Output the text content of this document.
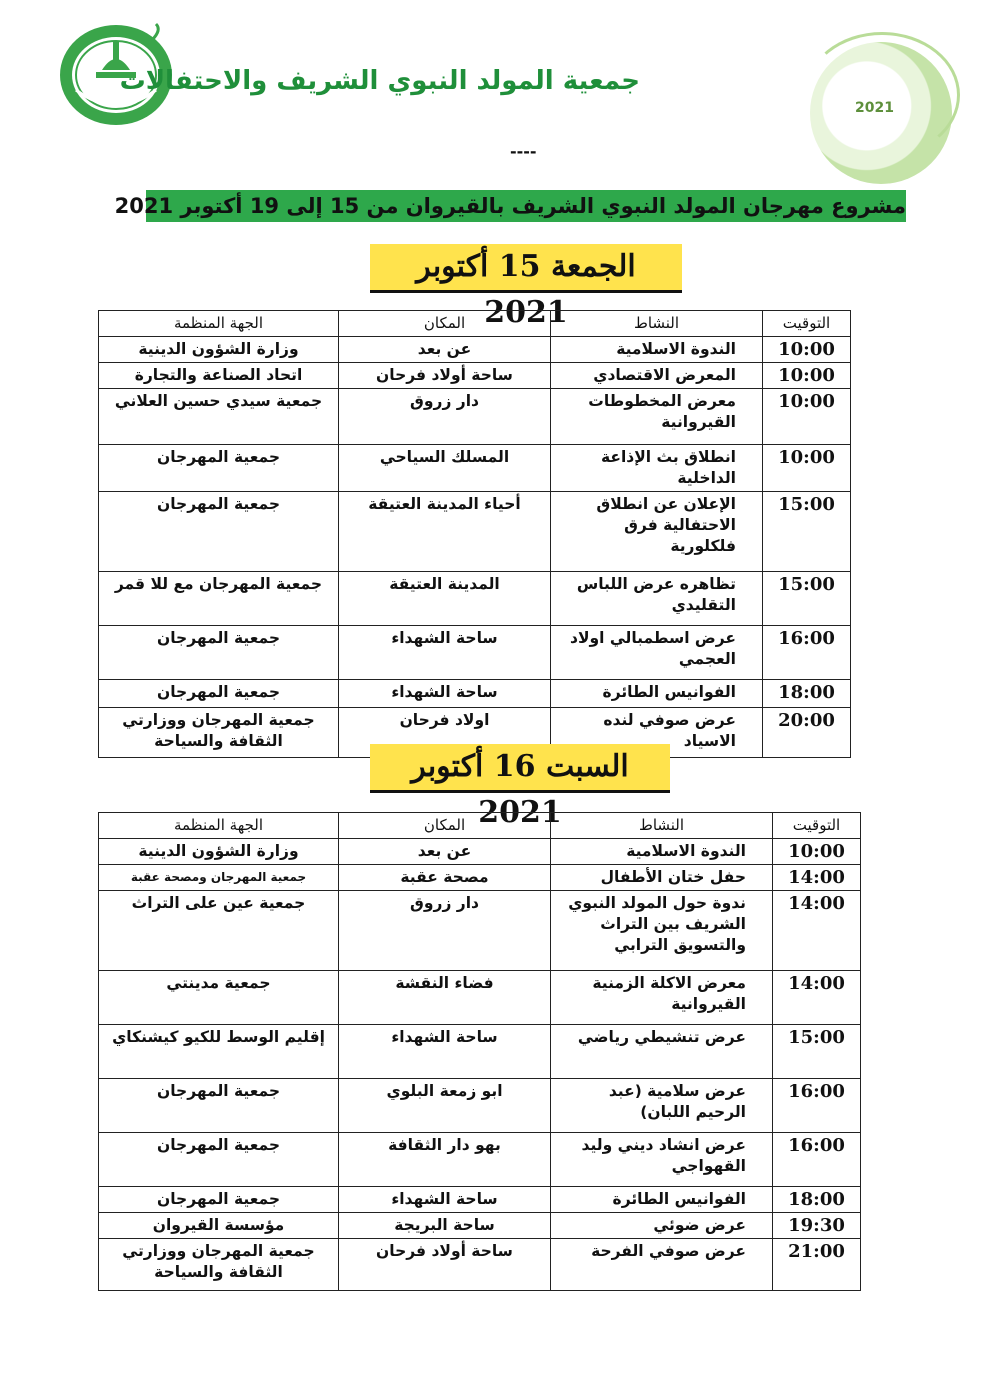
جمعية المولد النبوي الشريف والاحتفالات
2021
----
مشروع مهرجان المولد النبوي الشريف بالقيروان من 15 إلى 19 أكتوبر 2021
الجمعة 15 أكتوبر 2021	التوقيت	النشاط	المكان	الجهة المنظمة
10:00	الندوة الاسلامية	عن بعد	وزارة الشؤون الدينية
10:00	المعرض الاقتصادي	ساحة أولاد فرحان	اتحاد الصناعة والتجارة
10:00	معرض المخطوطات القيروانية	دار زروق	جمعية سيدي حسين العلاني
10:00	انطلاق بث الإذاعة الداخلية	المسلك السياحي	جمعية المهرجان
15:00	الإعلان عن انطلاق الاحتفالية فرق فلكلورية	أحياء المدينة العتيقة	جمعية المهرجان
15:00	تظاهره عرض اللباس التقليدي	المدينة العتيقة	جمعية المهرجان مع للا قمر
16:00	عرض اسطمبالي اولاد العجمي	ساحة الشهداء	جمعية المهرجان
18:00	الفوانيس الطائرة	ساحة الشهداء	جمعية المهرجان
20:00	عرض صوفي لنده الاسياد	اولاد فرحان	جمعية المهرجان ووزارتي الثقافة والسياحة
السبت 16 أكتوبر 2021	التوقيت	النشاط	المكان	الجهة المنظمة
10:00	الندوة الاسلامية	عن بعد	وزارة الشؤون الدينية
14:00	حفل ختان الأطفال	مصحة عقبة	جمعية المهرجان ومصحة عقبة
14:00	ندوة حول المولد النبوي الشريف بين التراث والتسويق الترابي	دار زروق	جمعية عين على التراث
14:00	معرض الاكلة الزمنية القيروانية	فضاء النقشة	جمعية مدينتي
15:00	عرض تنشيطي رياضي	ساحة الشهداء	إقليم الوسط للكيو كيشنكاي
16:00	عرض سلامية (عبد الرحيم اللبان)	ابو زمعة البلوي	جمعية المهرجان
16:00	عرض انشاد ديني وليد القهواجي	بهو دار الثقافة	جمعية المهرجان
18:00	الفوانيس الطائرة	ساحة الشهداء	جمعية المهرجان
19:30	عرض ضوئي	ساحة البريجة	مؤسسة القيروان
21:00	عرض صوفي الفرحة	ساحة أولاد فرحان	جمعية المهرجان ووزارتي الثقافة والسياحة
